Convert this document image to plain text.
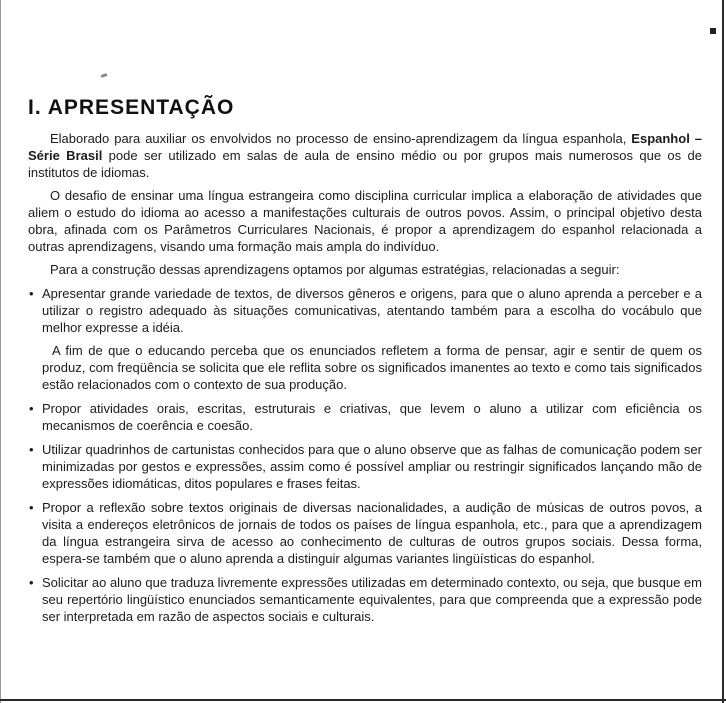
I. APRESENTAÇÃO

Elaborado para auxiliar os envolvidos no processo de ensino-aprendizagem da língua espanhola, Espanhol – Série Brasil pode ser utilizado em salas de aula de ensino médio ou por grupos mais numerosos que os de institutos de idiomas.

O desafio de ensinar uma língua estrangeira como disciplina curricular implica a elaboração de atividades que aliem o estudo do idioma ao acesso a manifestações culturais de outros povos. Assim, o principal objetivo desta obra, afinada com os Parâmetros Curriculares Nacionais, é propor a aprendizagem do espanhol relacionada a outras aprendizagens, visando uma formação mais ampla do indivíduo.

Para a construção dessas aprendizagens optamos por algumas estratégias, relacionadas a seguir:

• Apresentar grande variedade de textos, de diversos gêneros e origens, para que o aluno aprenda a perceber e a utilizar o registro adequado às situações comunicativas, atentando também para a escolha do vocábulo que melhor expresse a idéia.

A fim de que o educando perceba que os enunciados refletem a forma de pensar, agir e sentir de quem os produz, com freqüência se solicita que ele reflita sobre os significados imanentes ao texto e como tais significados estão relacionados com o contexto de sua produção.

• Propor atividades orais, escritas, estruturais e criativas, que levem o aluno a utilizar com eficiência os mecanismos de coerência e coesão.
• Utilizar quadrinhos de cartunistas conhecidos para que o aluno observe que as falhas de comunicação podem ser minimizadas por gestos e expressões, assim como é possível ampliar ou restringir significados lançando mão de expressões idiomáticas, ditos populares e frases feitas.
• Propor a reflexão sobre textos originais de diversas nacionalidades, a audição de músicas de outros povos, a visita a endereços eletrônicos de jornais de todos os países de língua espanhola, etc., para que a aprendizagem da língua estrangeira sirva de acesso ao conhecimento de culturas de outros grupos sociais. Dessa forma, espera-se também que o aluno aprenda a distinguir algumas variantes lingüísticas do espanhol.
• Solicitar ao aluno que traduza livremente expressões utilizadas em determinado contexto, ou seja, que busque em seu repertório lingüístico enunciados semanticamente equivalentes, para que compreenda que a expressão pode ser interpretada em razão de aspectos sociais e culturais.
